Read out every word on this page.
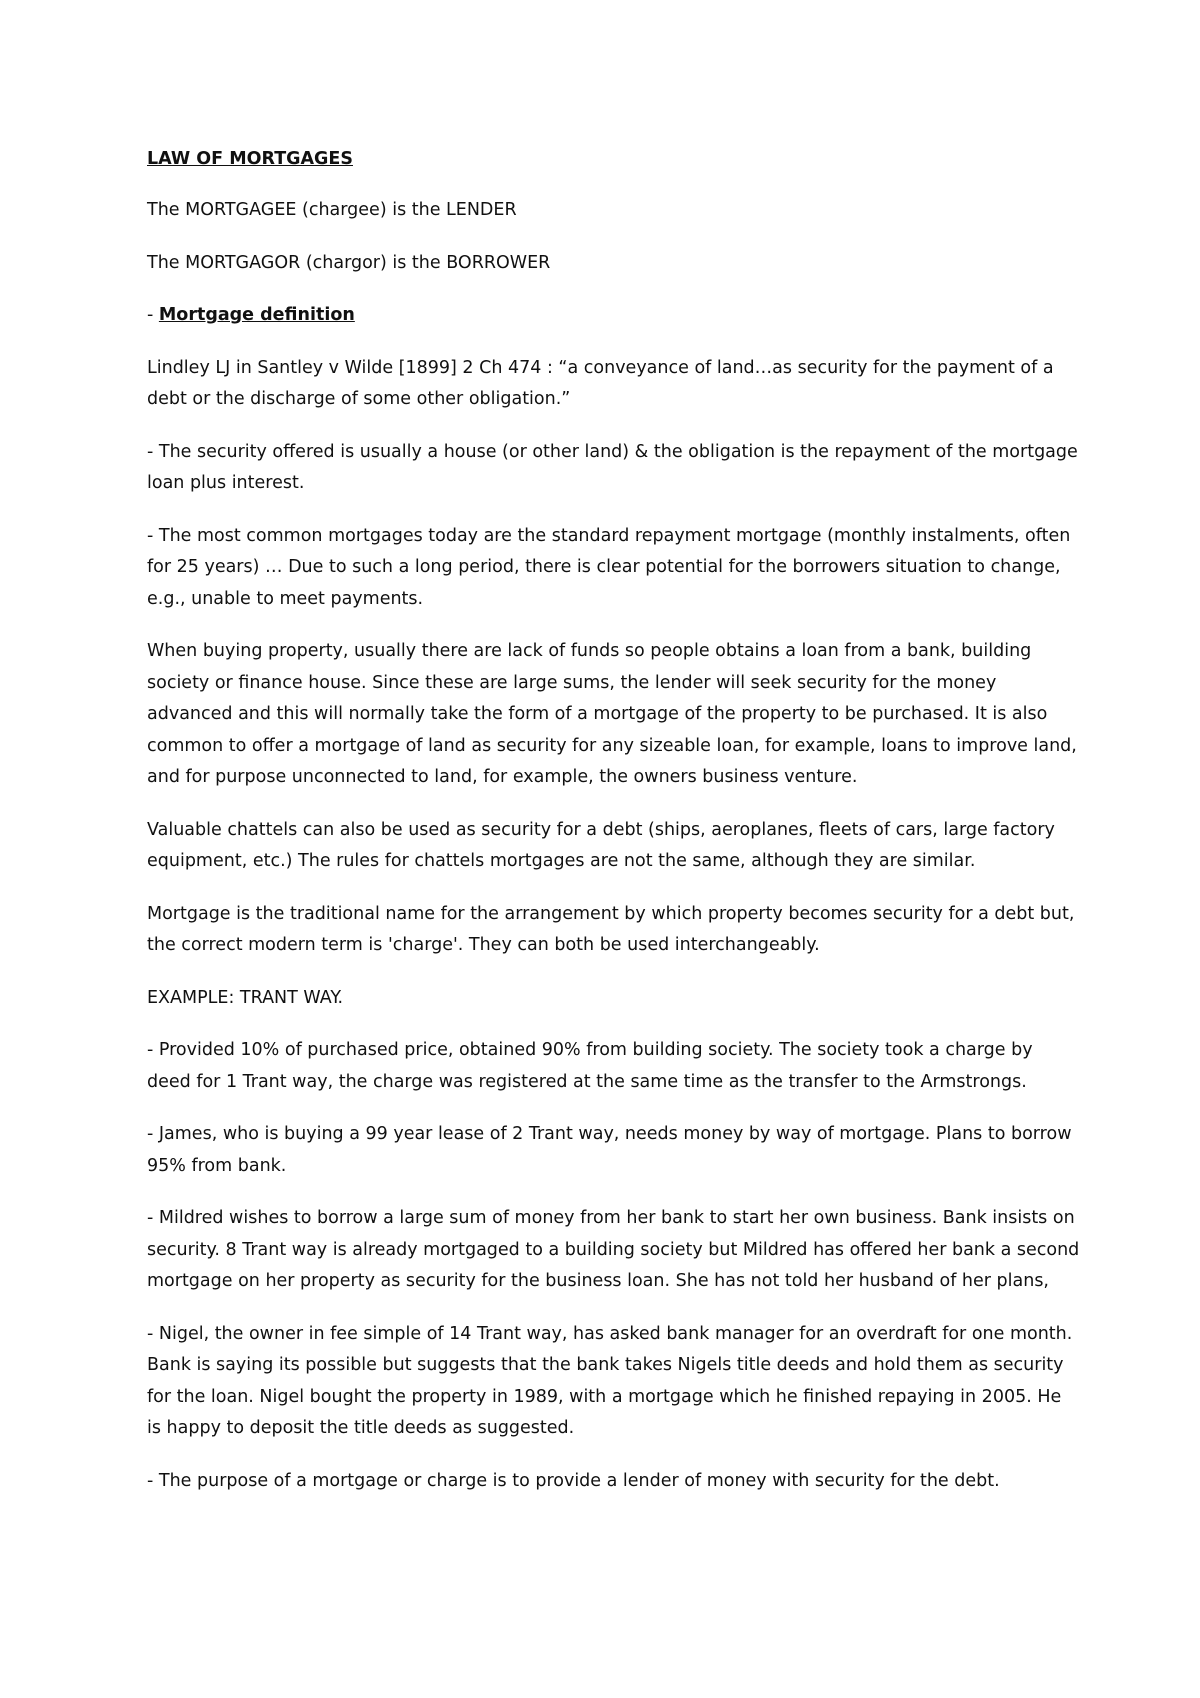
LAW OF MORTGAGES

The MORTGAGEE (chargee) is the LENDER

The MORTGAGOR (chargor) is the BORROWER

- Mortgage definition

Lindley LJ in Santley v Wilde [1899] 2 Ch 474 : “a conveyance of land…as security for the payment of a debt or the discharge of some other obligation.”

- The security offered is usually a house (or other land) & the obligation is the repayment of the mortgage loan plus interest.

- The most common mortgages today are the standard repayment mortgage (monthly instalments, often for 25 years) … Due to such a long period, there is clear potential for the borrowers situation to change, e.g., unable to meet payments.

When buying property, usually there are lack of funds so people obtains a loan from a bank, building society or finance house. Since these are large sums, the lender will seek security for the money advanced and this will normally take the form of a mortgage of the property to be purchased. It is also common to offer a mortgage of land as security for any sizeable loan, for example, loans to improve land, and for purpose unconnected to land, for example, the owners business venture.

Valuable chattels can also be used as security for a debt (ships, aeroplanes, fleets of cars, large factory equipment, etc.) The rules for chattels mortgages are not the same, although they are similar.

Mortgage is the traditional name for the arrangement by which property becomes security for a debt but, the correct modern term is 'charge'. They can both be used interchangeably.

EXAMPLE: TRANT WAY.

- Provided 10% of purchased price, obtained 90% from building society. The society took a charge by deed for 1 Trant way, the charge was registered at the same time as the transfer to the Armstrongs.

- James, who is buying a 99 year lease of 2 Trant way, needs money by way of mortgage. Plans to borrow 95% from bank.

- Mildred wishes to borrow a large sum of money from her bank to start her own business. Bank insists on security. 8 Trant way is already mortgaged to a building society but Mildred has offered her bank a second mortgage on her property as security for the business loan. She has not told her husband of her plans,

- Nigel, the owner in fee simple of 14 Trant way, has asked bank manager for an overdraft for one month. Bank is saying its possible but suggests that the bank takes Nigels title deeds and hold them as security for the loan. Nigel bought the property in 1989, with a mortgage which he finished repaying in 2005. He is happy to deposit the title deeds as suggested.

- The purpose of a mortgage or charge is to provide a lender of money with security for the debt.
